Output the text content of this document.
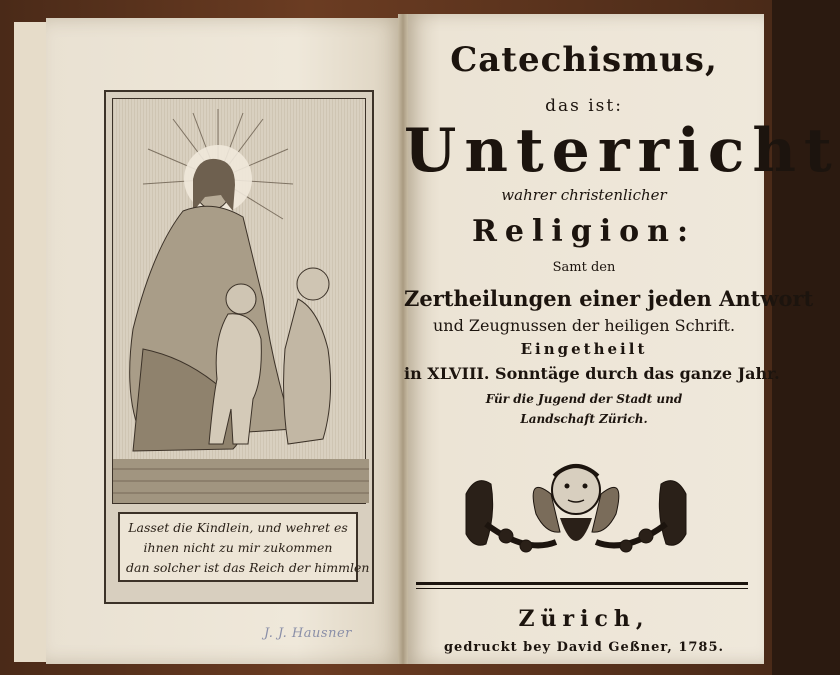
Lasset die Kindlein, und wehret es
ihnen nicht zu mir zukommen
dan solcher ist das Reich der himmlen
J. J. Hausner
Catechismus,
das ist:
Unterricht
wahrer christenlicher
Religion:
Samt den
Zertheilungen einer jeden Antwort
und Zeugnussen der heiligen Schrift.
Eingetheilt
in XLVIII. Sonntäge durch das ganze Jahr.
Für die Jugend der Stadt und
Landschaft Zürich.
Zürich,
gedruckt bey David Geßner, 1785.
